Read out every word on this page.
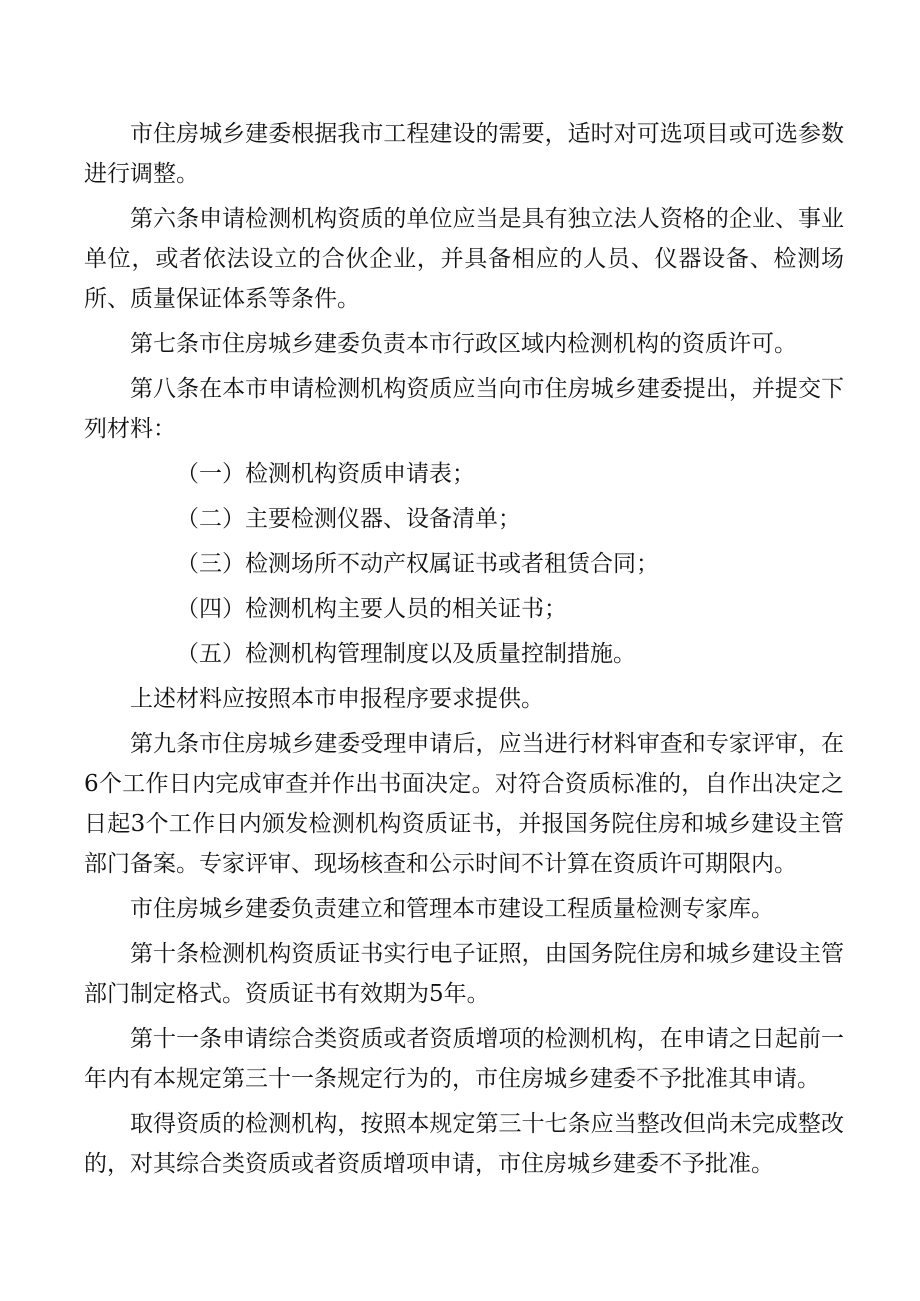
市住房城乡建委根据我市工程建设的需要，适时对可选项目或可选参数进行调整。

第六条申请检测机构资质的单位应当是具有独立法人资格的企业、事业单位，或者依法设立的合伙企业，并具备相应的人员、仪器设备、检测场所、质量保证体系等条件。

第七条市住房城乡建委负责本市行政区域内检测机构的资质许可。

第八条在本市申请检测机构资质应当向市住房城乡建委提出，并提交下列材料：

（一）检测机构资质申请表；
（二）主要检测仪器、设备清单；
（三）检测场所不动产权属证书或者租赁合同；
（四）检测机构主要人员的相关证书；
（五）检测机构管理制度以及质量控制措施。

上述材料应按照本市申报程序要求提供。

第九条市住房城乡建委受理申请后，应当进行材料审查和专家评审，在6个工作日内完成审查并作出书面决定。对符合资质标准的，自作出决定之日起3个工作日内颁发检测机构资质证书，并报国务院住房和城乡建设主管部门备案。专家评审、现场核查和公示时间不计算在资质许可期限内。

市住房城乡建委负责建立和管理本市建设工程质量检测专家库。

第十条检测机构资质证书实行电子证照，由国务院住房和城乡建设主管部门制定格式。资质证书有效期为5年。

第十一条申请综合类资质或者资质增项的检测机构，在申请之日起前一年内有本规定第三十一条规定行为的，市住房城乡建委不予批准其申请。

取得资质的检测机构，按照本规定第三十七条应当整改但尚未完成整改的，对其综合类资质或者资质增项申请，市住房城乡建委不予批准。
